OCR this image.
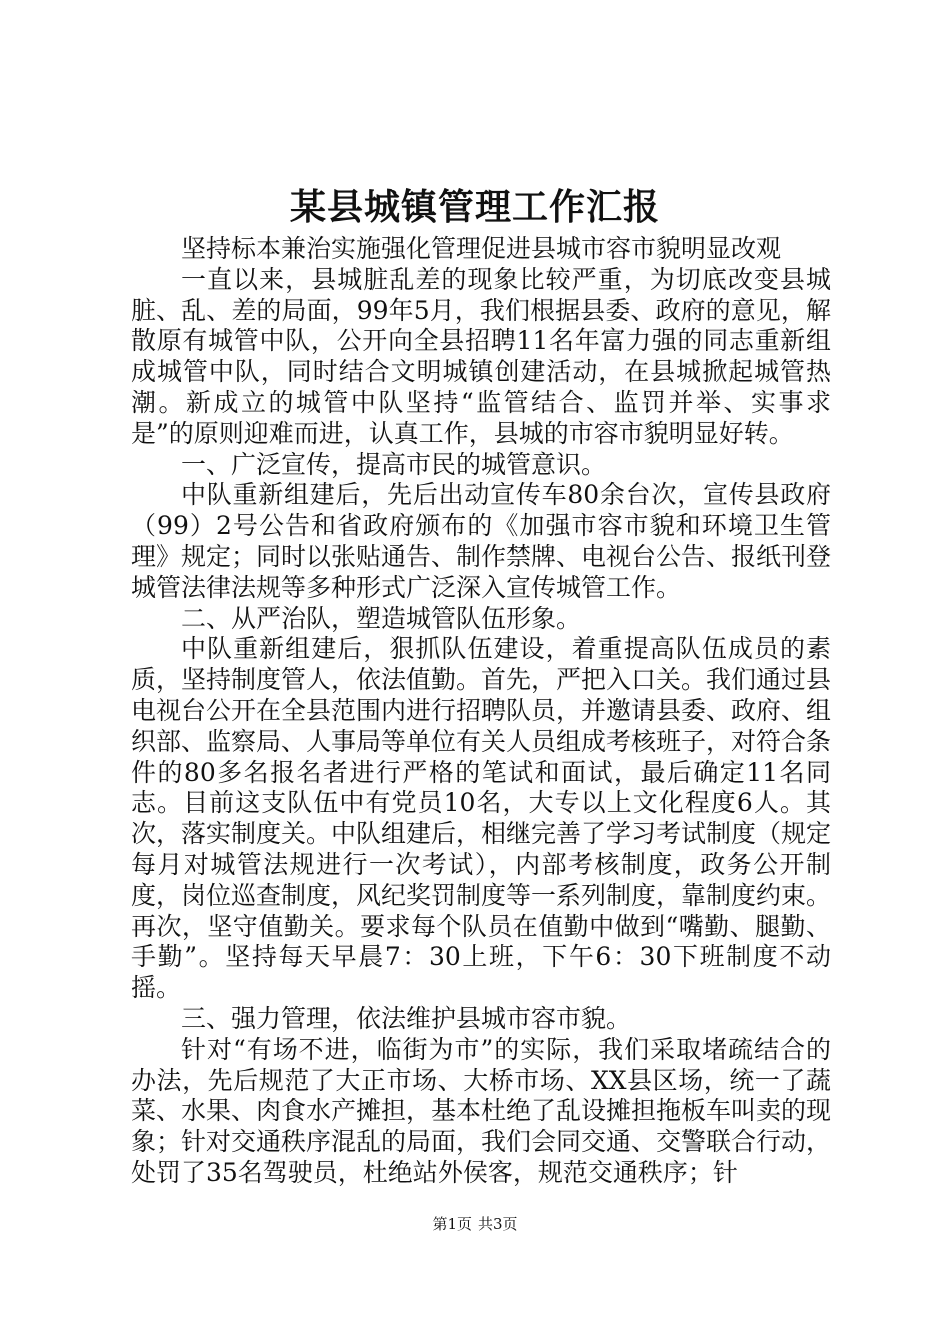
某县城镇管理工作汇报

坚持标本兼治实施强化管理促进县城市容市貌明显改观

一直以来，县城脏乱差的现象比较严重，为切底改变县城脏、乱、差的局面，99年5月，我们根据县委、政府的意见，解散原有城管中队，公开向全县招聘11名年富力强的同志重新组成城管中队，同时结合文明城镇创建活动，在县城掀起城管热潮。新成立的城管中队坚持“监管结合、监罚并举、实事求是”的原则迎难而进，认真工作，县城的市容市貌明显好转。

一、广泛宣传，提高市民的城管意识。

中队重新组建后，先后出动宣传车80余台次，宣传县政府（99）2号公告和省政府颁布的《加强市容市貌和环境卫生管理》规定；同时以张贴通告、制作禁牌、电视台公告、报纸刊登城管法律法规等多种形式广泛深入宣传城管工作。

二、从严治队，塑造城管队伍形象。

中队重新组建后，狠抓队伍建设，着重提高队伍成员的素质，坚持制度管人，依法值勤。首先，严把入口关。我们通过县电视台公开在全县范围内进行招聘队员，并邀请县委、政府、组织部、监察局、人事局等单位有关人员组成考核班子，对符合条件的80多名报名者进行严格的笔试和面试，最后确定11名同志。目前这支队伍中有党员10名，大专以上文化程度6人。其次，落实制度关。中队组建后，相继完善了学习考试制度（规定每月对城管法规进行一次考试），内部考核制度，政务公开制度，岗位巡查制度，风纪奖罚制度等一系列制度，靠制度约束。再次，坚守值勤关。要求每个队员在值勤中做到“嘴勤、腿勤、手勤”。坚持每天早晨7：30上班，下午6：30下班制度不动摇。

三、强力管理，依法维护县城市容市貌。

针对“有场不进，临街为市”的实际，我们采取堵疏结合的办法，先后规范了大正市场、大桥市场、XX县区场，统一了蔬菜、水果、肉食水产摊担，基本杜绝了乱设摊担拖板车叫卖的现象；针对交通秩序混乱的局面，我们会同交通、交警联合行动，处罚了35名驾驶员，杜绝站外侯客，规范交通秩序；针

第1页 共3页
